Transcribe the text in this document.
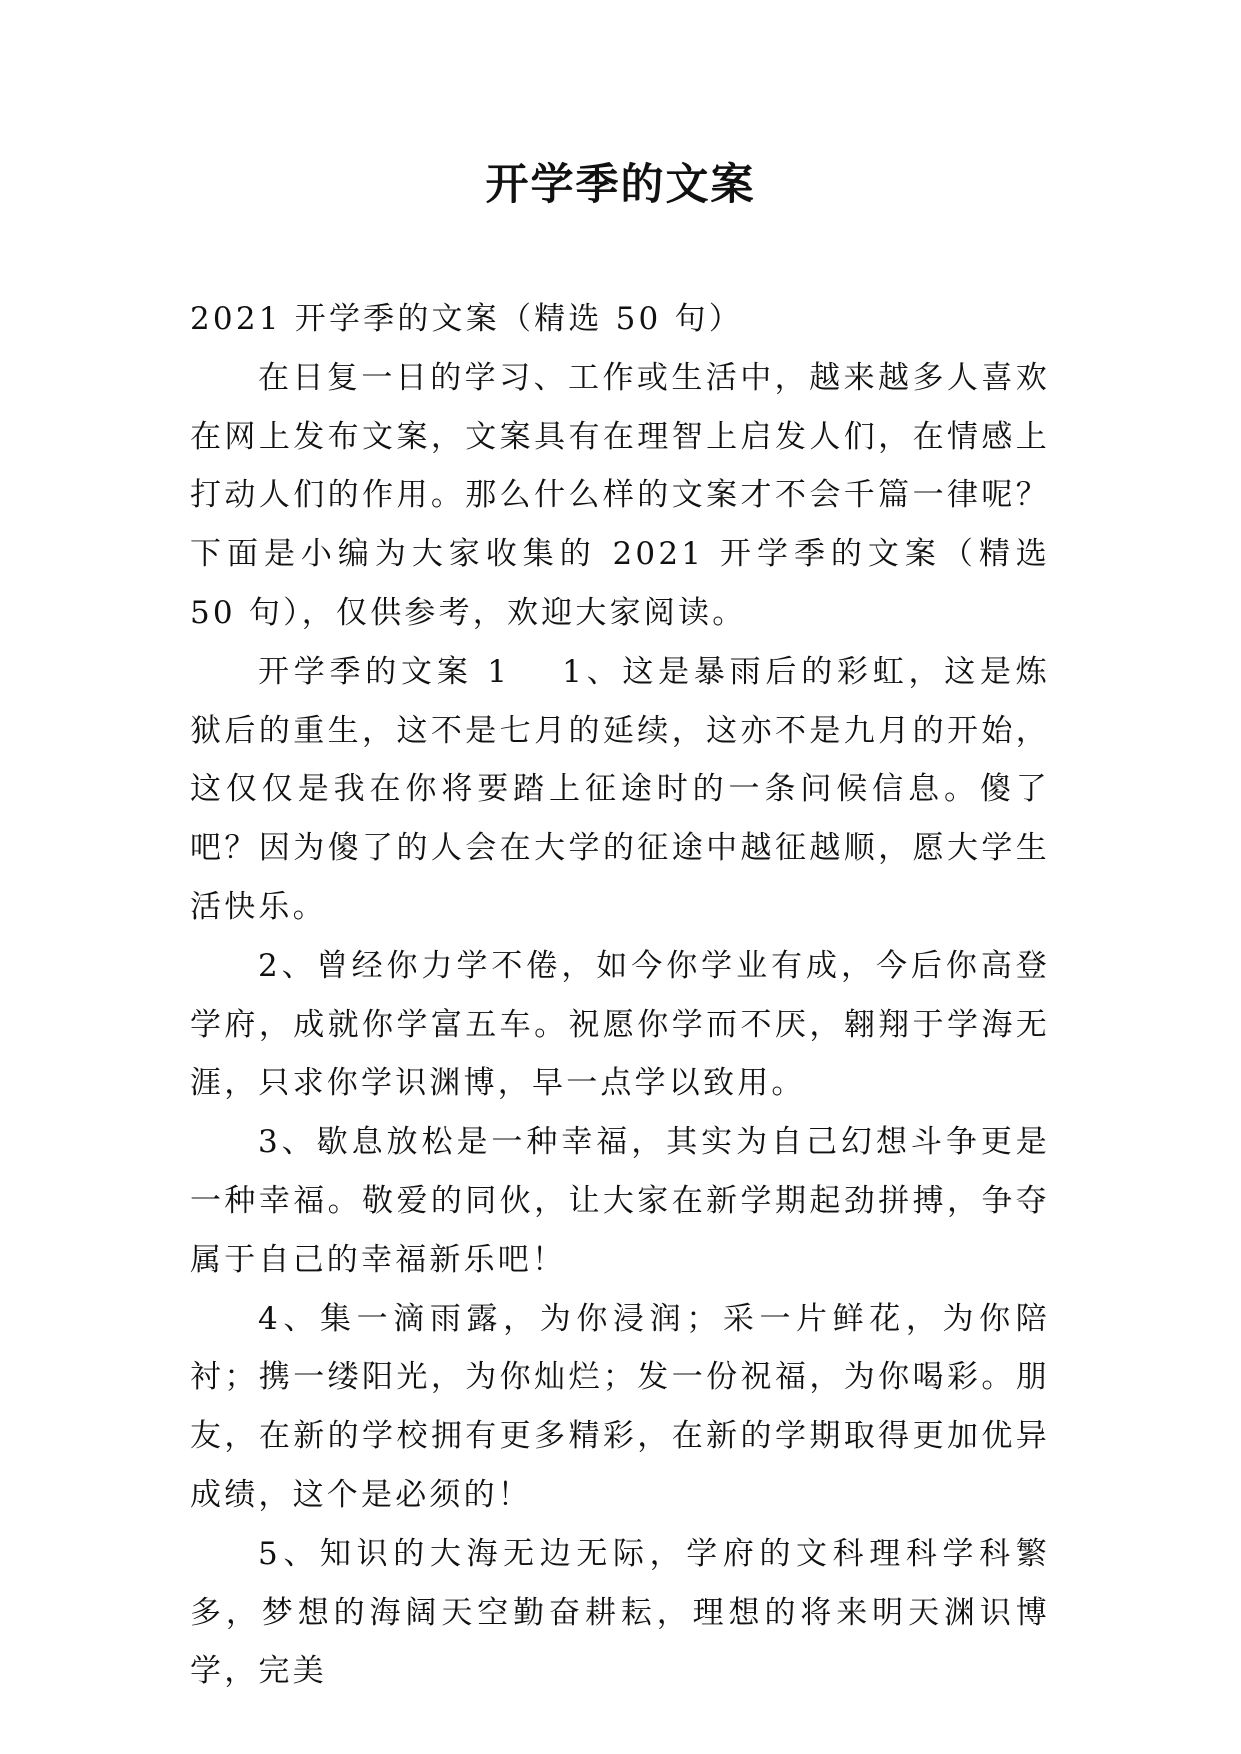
开学季的文案

2021 开学季的文案（精选 50 句）

在日复一日的学习、工作或生活中，越来越多人喜欢在网上发布文案，文案具有在理智上启发人们，在情感上打动人们的作用。那么什么样的文案才不会千篇一律呢？下面是小编为大家收集的 2021 开学季的文案（精选 50 句），仅供参考，欢迎大家阅读。

开学季的文案 1 1、这是暴雨后的彩虹，这是炼狱后的重生，这不是七月的延续，这亦不是九月的开始，这仅仅是我在你将要踏上征途时的一条问候信息。傻了吧？因为傻了的人会在大学的征途中越征越顺，愿大学生活快乐。

2、曾经你力学不倦，如今你学业有成，今后你高登学府，成就你学富五车。祝愿你学而不厌，翱翔于学海无涯，只求你学识渊博，早一点学以致用。

3、歇息放松是一种幸福，其实为自己幻想斗争更是一种幸福。敬爱的同伙，让大家在新学期起劲拼搏，争夺属于自己的幸福新乐吧！

4、集一滴雨露，为你浸润；采一片鲜花，为你陪衬；携一缕阳光，为你灿烂；发一份祝福，为你喝彩。朋友，在新的学校拥有更多精彩，在新的学期取得更加优异成绩，这个是必须的！

5、知识的大海无边无际，学府的文科理科学科繁多，梦想的海阔天空勤奋耕耘，理想的将来明天渊识博学，完美
